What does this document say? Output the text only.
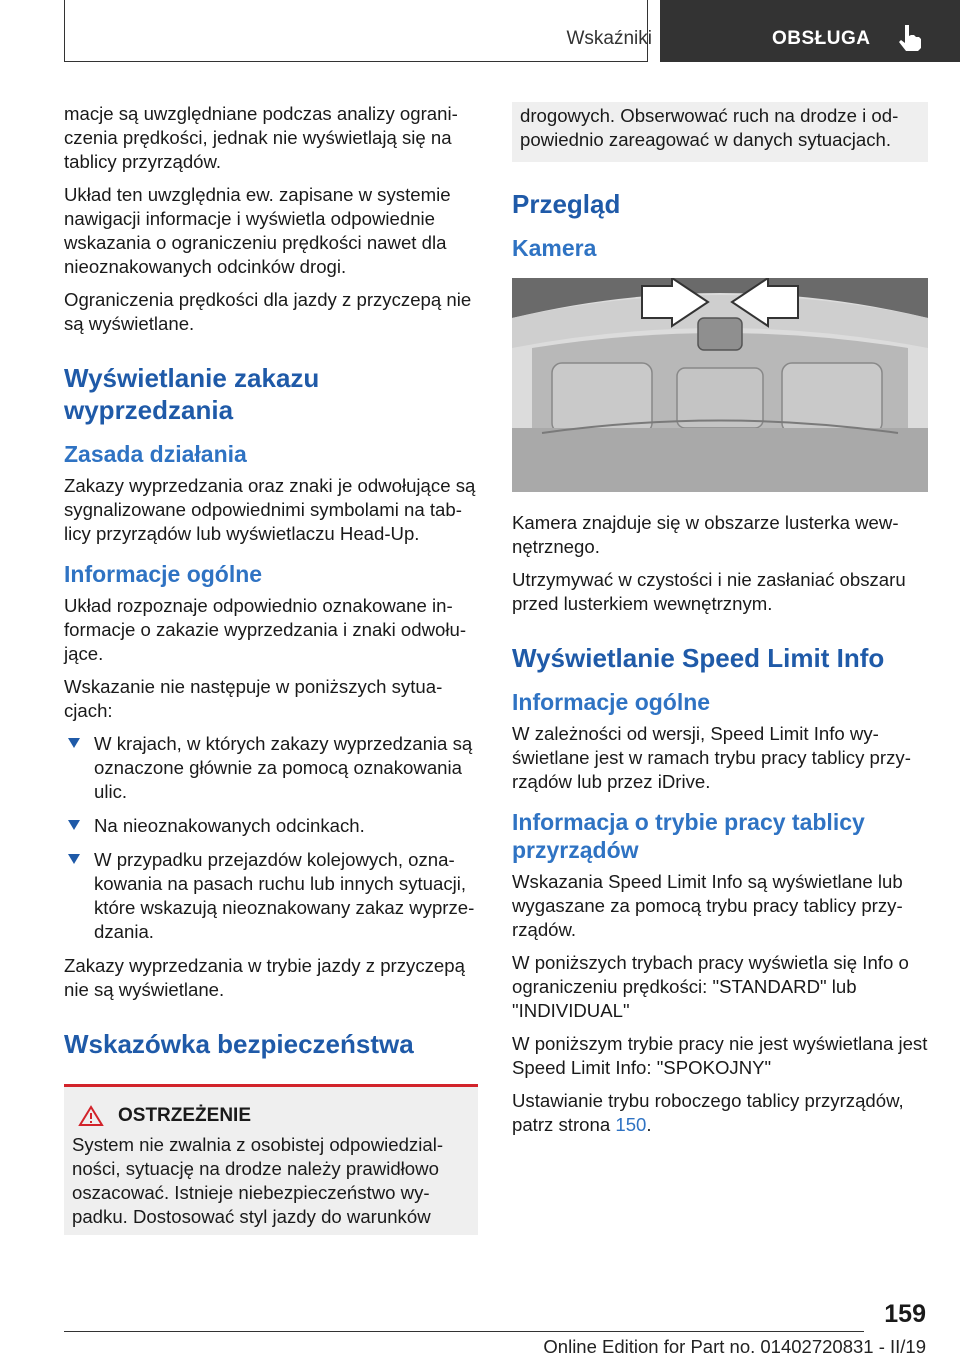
Wskaźniki	OBSŁUGA

macje są uwzględniane podczas analizy ograniczenia prędkości, jednak nie wyświetlają się na tablicy przyrządów.

Układ ten uwzględnia ew. zapisane w systemie nawigacji informacje i wyświetla odpowiednie wskazania o ograniczeniu prędkości nawet dla nieoznakowanych odcinków drogi.

Ograniczenia prędkości dla jazdy z przyczepą nie są wyświetlane.

Wyświetlanie zakazu wyprzedzania
Zasada działania

Zakazy wyprzedzania oraz znaki je odwołujące są sygnalizowane odpowiednimi symbolami na tablicy przyrządów lub wyświetlaczu Head-Up.

Informacje ogólne

Układ rozpoznaje odpowiednio oznakowane informacje o zakazie wyprzedzania i znaki odwołujące.

Wskazanie nie następuje w poniższych sytuacjach:

W krajach, w których zakazy wyprzedzania są oznaczone głównie za pomocą oznakowania ulic.
Na nieoznakowanych odcinkach.
W przypadku przejazdów kolejowych, oznakowania na pasach ruchu lub innych sytuacji, które wskazują nieoznakowany zakaz wyprzedzania.

Zakazy wyprzedzania w trybie jazdy z przyczepą nie są wyświetlane.

Wskazówka bezpieczeństwa
OSTRZEŻENIE

System nie zwalnia z osobistej odpowiedzialności, sytuację na drodze należy prawidłowo oszacować. Istnieje niebezpieczeństwo wypadku. Dostosować styl jazdy do warunków

drogowych. Obserwować ruch na drodze i odpowiednio zareagować w danych sytuacjach.

Przegląd
Kamera

Kamera znajduje się w obszarze lusterka wewnętrznego.

Utrzymywać w czystości i nie zasłaniać obszaru przed lusterkiem wewnętrznym.

Wyświetlanie Speed Limit Info
Informacje ogólne

W zależności od wersji, Speed Limit Info wyświetlane jest w ramach trybu pracy tablicy przyrządów lub przez iDrive.

Informacja o trybie pracy tablicy przyrządów

Wskazania Speed Limit Info są wyświetlane lub wygaszane za pomocą trybu pracy tablicy przyrządów.

W poniższych trybach pracy wyświetla się Info o ograniczeniu prędkości: "STANDARD" lub "INDIVIDUAL"

W poniższym trybie pracy nie jest wyświetlana jest Speed Limit Info: "SPOKOJNY"

Ustawianie trybu roboczego tablicy przyrządów, patrz strona 150.

159
Online Edition for Part no. 01402720831 - II/19
